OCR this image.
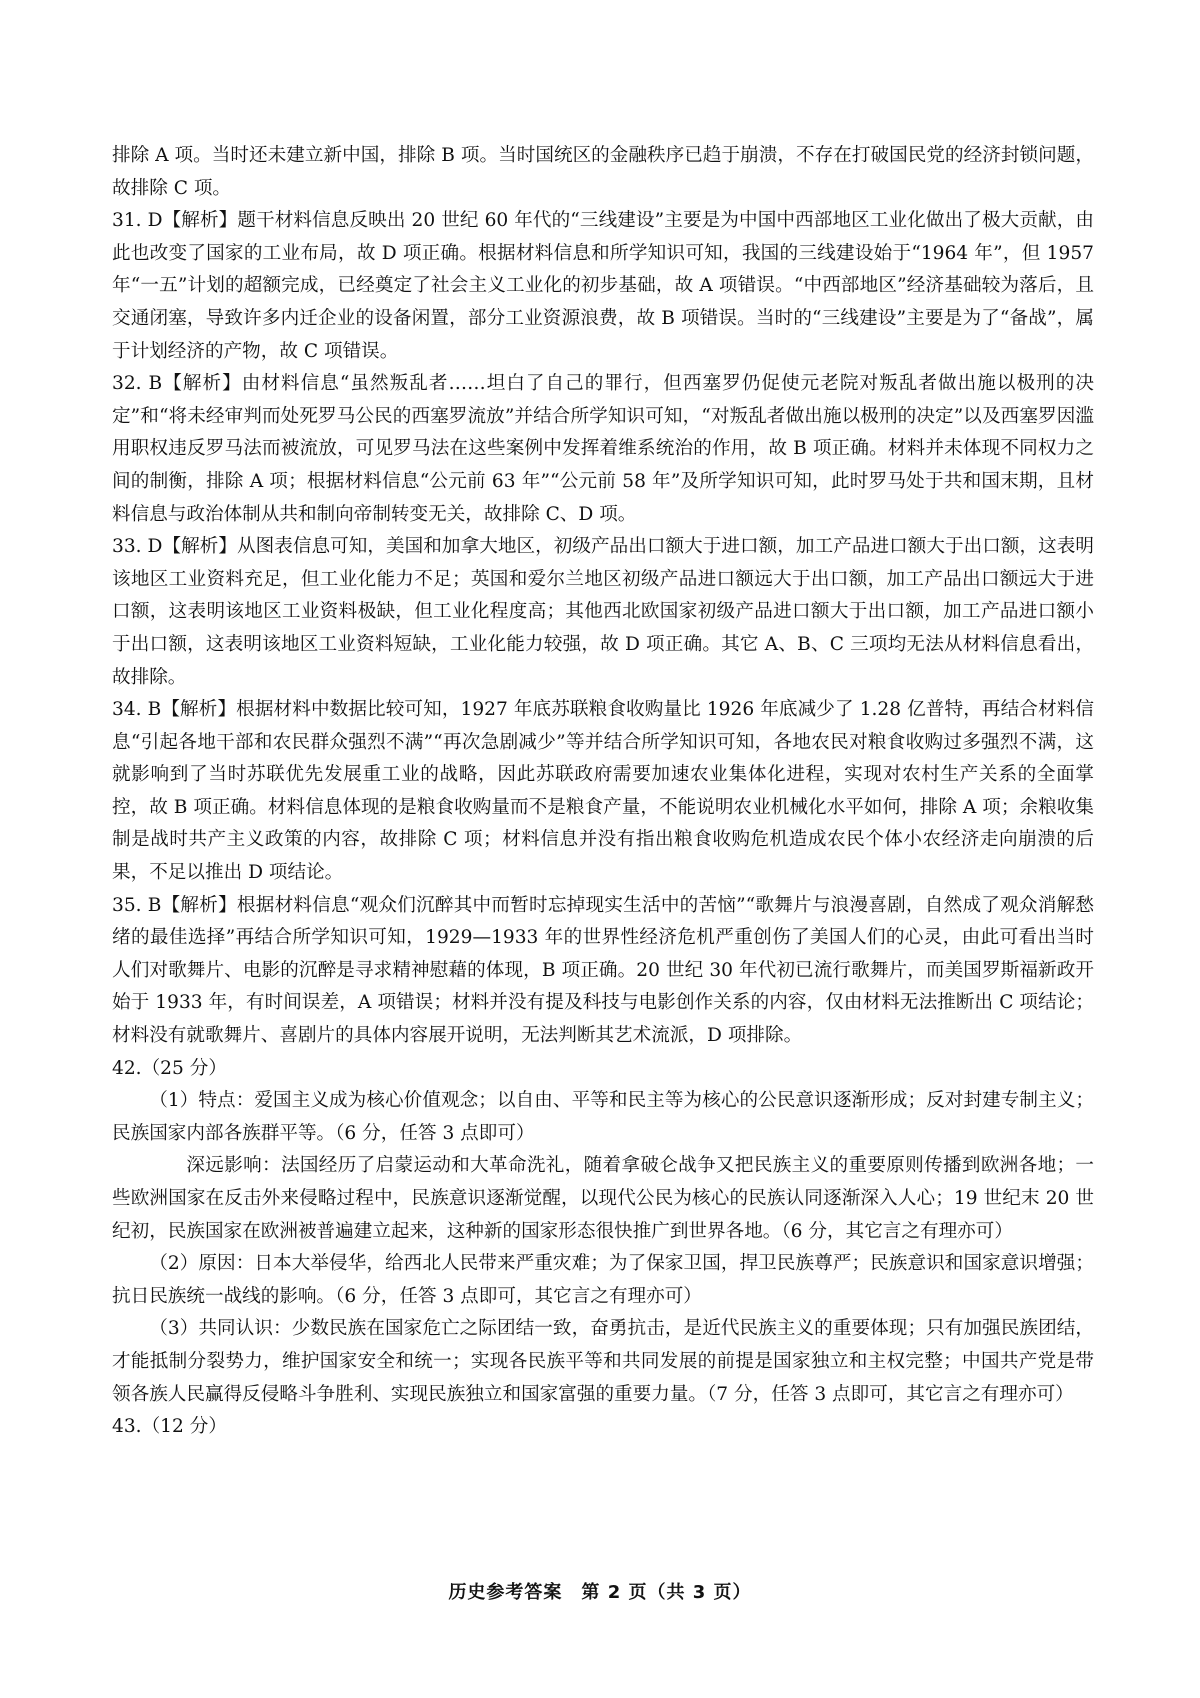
排除 A 项。当时还未建立新中国，排除 B 项。当时国统区的金融秩序已趋于崩溃，不存在打破国民党的经济封锁问题，故排除 C 项。

31. D【解析】题干材料信息反映出 20 世纪 60 年代的“三线建设”主要是为中国中西部地区工业化做出了极大贡献，由此也改变了国家的工业布局，故 D 项正确。根据材料信息和所学知识可知，我国的三线建设始于“1964 年”，但 1957 年“一五”计划的超额完成，已经奠定了社会主义工业化的初步基础，故 A 项错误。“中西部地区”经济基础较为落后，且交通闭塞，导致许多内迁企业的设备闲置，部分工业资源浪费，故 B 项错误。当时的“三线建设”主要是为了“备战”，属于计划经济的产物，故 C 项错误。

32. B【解析】由材料信息“虽然叛乱者……坦白了自己的罪行，但西塞罗仍促使元老院对叛乱者做出施以极刑的决定”和“将未经审判而处死罗马公民的西塞罗流放”并结合所学知识可知，“对叛乱者做出施以极刑的决定”以及西塞罗因滥用职权违反罗马法而被流放，可见罗马法在这些案例中发挥着维系统治的作用，故 B 项正确。材料并未体现不同权力之间的制衡，排除 A 项；根据材料信息“公元前 63 年”“公元前 58 年”及所学知识可知，此时罗马处于共和国末期，且材料信息与政治体制从共和制向帝制转变无关，故排除 C、D 项。

33. D【解析】从图表信息可知，美国和加拿大地区，初级产品出口额大于进口额，加工产品进口额大于出口额，这表明该地区工业资料充足，但工业化能力不足；英国和爱尔兰地区初级产品进口额远大于出口额，加工产品出口额远大于进口额，这表明该地区工业资料极缺，但工业化程度高；其他西北欧国家初级产品进口额大于出口额，加工产品进口额小于出口额，这表明该地区工业资料短缺，工业化能力较强，故 D 项正确。其它 A、B、C 三项均无法从材料信息看出，故排除。

34. B【解析】根据材料中数据比较可知，1927 年底苏联粮食收购量比 1926 年底减少了 1.28 亿普特，再结合材料信息“引起各地干部和农民群众强烈不满”“再次急剧减少”等并结合所学知识可知，各地农民对粮食收购过多强烈不满，这就影响到了当时苏联优先发展重工业的战略，因此苏联政府需要加速农业集体化进程，实现对农村生产关系的全面掌控，故 B 项正确。材料信息体现的是粮食收购量而不是粮食产量，不能说明农业机械化水平如何，排除 A 项；余粮收集制是战时共产主义政策的内容，故排除 C 项；材料信息并没有指出粮食收购危机造成农民个体小农经济走向崩溃的后果，不足以推出 D 项结论。

35. B【解析】根据材料信息“观众们沉醉其中而暂时忘掉现实生活中的苦恼”“歌舞片与浪漫喜剧，自然成了观众消解愁绪的最佳选择”再结合所学知识可知，1929—1933 年的世界性经济危机严重创伤了美国人们的心灵，由此可看出当时人们对歌舞片、电影的沉醉是寻求精神慰藉的体现，B 项正确。20 世纪 30 年代初已流行歌舞片，而美国罗斯福新政开始于 1933 年，有时间误差，A 项错误；材料并没有提及科技与电影创作关系的内容，仅由材料无法推断出 C 项结论；材料没有就歌舞片、喜剧片的具体内容展开说明，无法判断其艺术流派，D 项排除。

42.（25 分）

（1）特点：爱国主义成为核心价值观念；以自由、平等和民主等为核心的公民意识逐渐形成；反对封建专制主义；民族国家内部各族群平等。（6 分，任答 3 点即可）

深远影响：法国经历了启蒙运动和大革命洗礼，随着拿破仑战争又把民族主义的重要原则传播到欧洲各地；一些欧洲国家在反击外来侵略过程中，民族意识逐渐觉醒，以现代公民为核心的民族认同逐渐深入人心；19 世纪末 20 世纪初，民族国家在欧洲被普遍建立起来，这种新的国家形态很快推广到世界各地。（6 分，其它言之有理亦可）

（2）原因：日本大举侵华，给西北人民带来严重灾难；为了保家卫国，捍卫民族尊严；民族意识和国家意识增强；抗日民族统一战线的影响。（6 分，任答 3 点即可，其它言之有理亦可）

（3）共同认识：少数民族在国家危亡之际团结一致，奋勇抗击，是近代民族主义的重要体现；只有加强民族团结，才能抵制分裂势力，维护国家安全和统一；实现各民族平等和共同发展的前提是国家独立和主权完整；中国共产党是带领各族人民赢得反侵略斗争胜利、实现民族独立和国家富强的重要力量。（7 分，任答 3 点即可，其它言之有理亦可）

43.（12 分）

历史参考答案　第 2 页（共 3 页）
